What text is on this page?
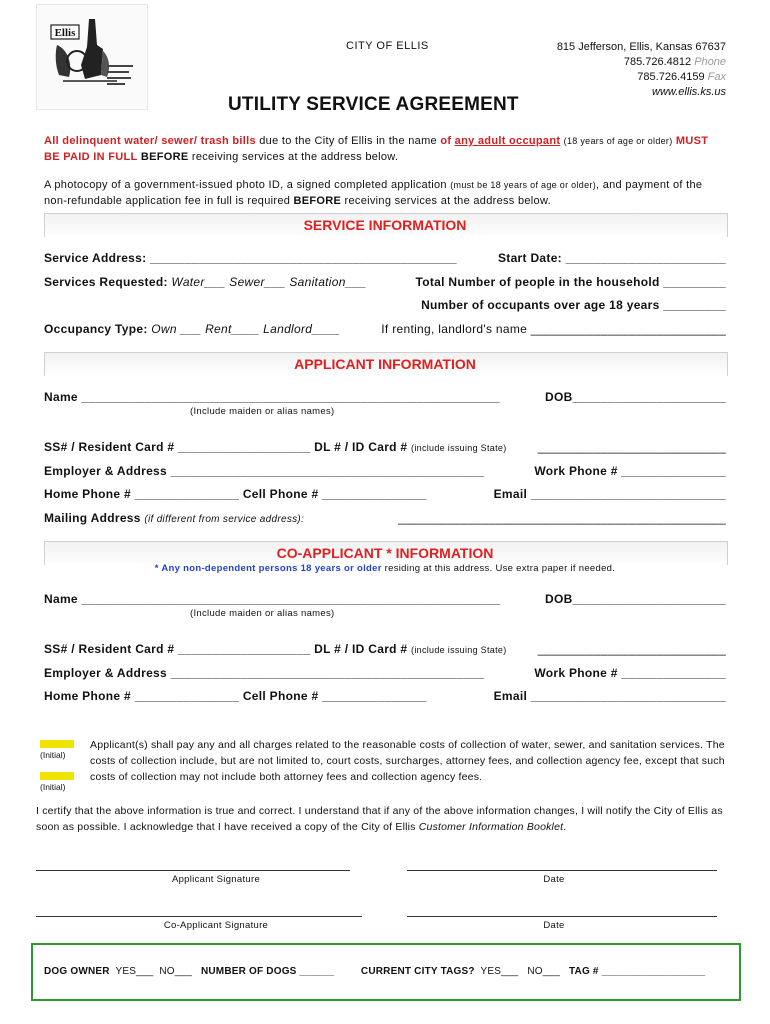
Ellis
CITY OF ELLIS	815 Jefferson, Ellis, Kansas 67637
785.726.4812 Phone
785.726.4159 Fax
www.ellis.ks.us
UTILITY SERVICE AGREEMENT
All delinquent water/ sewer/ trash bills due to the City of Ellis in the name of any adult occupant (18 years of age or older) MUST BE PAID IN FULL BEFORE receiving services at the address below.
A photocopy of a government-issued photo ID, a signed completed application (must be 18 years of age or older), and payment of the non-refundable application fee in full is required BEFORE receiving services at the address below.
SERVICE INFORMATION
Service Address: ____________________________________________	Start Date: _______________________
Services Requested: Water___ Sewer___ Sanitation___	Total Number of people in the household _________
Number of occupants over age 18 years _________
Occupancy Type: Own ___ Rent____ Landlord____	If renting, landlord's name ____________________________
APPLICANT INFORMATION
Name ____________________________________________________________	DOB______________________
(Include maiden or alias names)
SS# / Resident Card # ___________________ DL # / ID Card # (include issuing State)	___________________________
Employer & Address _____________________________________________	Work Phone # _______________
Home Phone # _______________ Cell Phone # _______________	Email ____________________________
Mailing Address (if different from service address):	_______________________________________________
CO-APPLICANT * INFORMATION
* Any non-dependent persons 18 years or older residing at this address. Use extra paper if needed.
Name ____________________________________________________________	DOB______________________
(Include maiden or alias names)
SS# / Resident Card # ___________________ DL # / ID Card # (include issuing State)	___________________________
Employer & Address _____________________________________________	Work Phone # _______________
Home Phone # _______________ Cell Phone # _______________	Email ____________________________
(Initial)
(Initial)
Applicant(s) shall pay any and all charges related to the reasonable costs of collection of water, sewer, and sanitation services. The costs of collection include, but are not limited to, court costs, surcharges, attorney fees, and collection agency fee, except that such costs of collection may not include both attorney fees and collection agency fees.
I certify that the above information is true and correct. I understand that if any of the above information changes, I will notify the City of Ellis as soon as possible. I acknowledge that I have received a copy of the City of Ellis Customer Information Booklet.
Applicant Signature	Date
Co-Applicant Signature	Date
DOG OWNER YES___ NO___ NUMBER OF DOGS ______	CURRENT CITY TAGS? YES___ NO___ TAG # __________________
